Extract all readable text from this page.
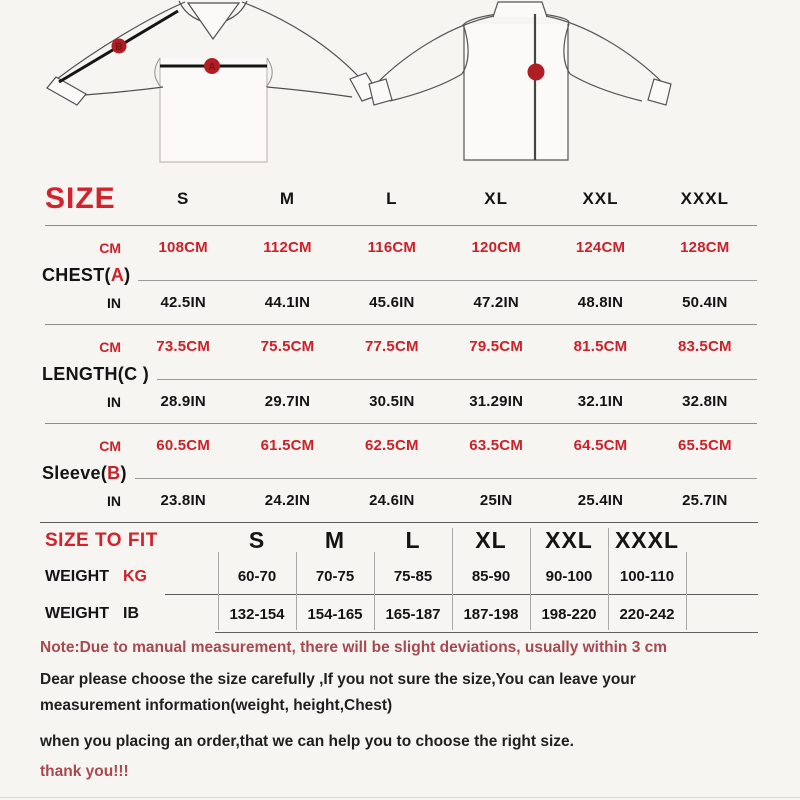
B
A
SIZE	S	M	L	XL	XXL	XXXL
CM	108CM	112CM	116CM	120CM	124CM	128CM
CHEST(A)
IN	42.5IN	44.1IN	45.6IN	47.2IN	48.8IN	50.4IN
CM	73.5CM	75.5CM	77.5CM	79.5CM	81.5CM	83.5CM
LENGTH(C )
IN	28.9IN	29.7IN	30.5IN	31.29IN	32.1IN	32.8IN
CM	60.5CM	61.5CM	62.5CM	63.5CM	64.5CM	65.5CM
Sleeve(B)
IN	23.8IN	24.2IN	24.6IN	25IN	25.4IN	25.7IN
SIZE TO FIT	S	M	L	XL	XXL XXXL
WEIGHT KG	60-70	70-75	75-85	85-90	90-100	100-110
WEIGHT IB	132-154	154-165	165-187	187-198	198-220	220-242

Note:Due to manual measurement, there will be slight deviations, usually within 3 cm

Dear please choose the size carefully ,If you not sure the size,You can leave your
measurement information(weight, height,Chest)

when you placing an order,that we can help you to choose the right size.

thank you!!!
